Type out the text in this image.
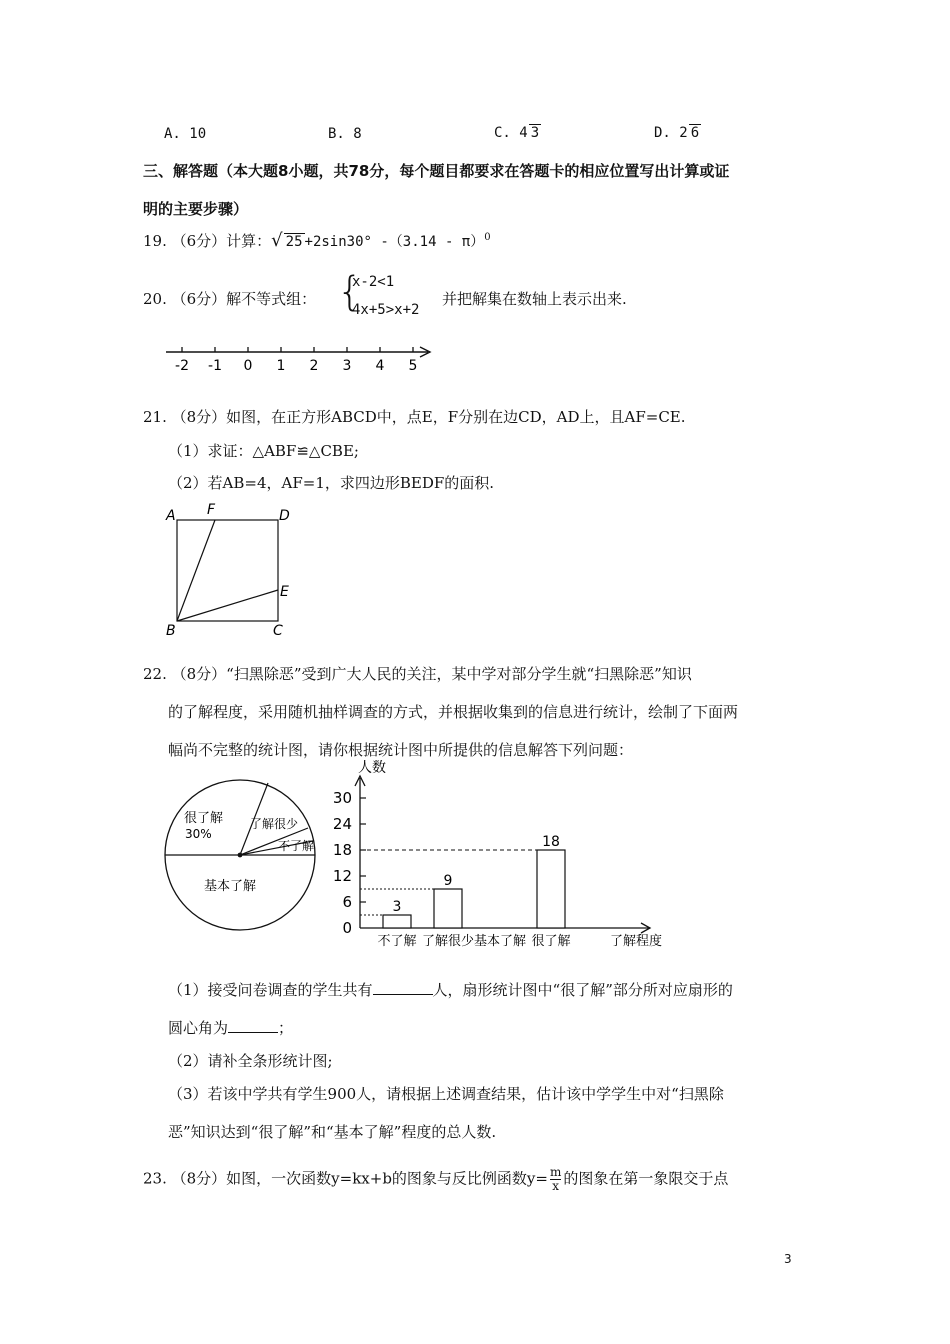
A. 10	B. 8	C. 4 3	D. 2 6
三、解答题（本大题8小题，共78分，每个题目都要求在答题卡的相应位置写出计算或证
明的主要步骤）
19. （6分）计算：√ 25 +2sin30° -（3.14 - π）$^0$
20. （6分）解不等式组： {
x-2<1
4x+5>x+2
并把解集在数轴上表示出来.
-2 -1 0 1 2 3 4 5
21. （8分）如图，在正方形ABCD中，点E，F分别在边CD，AD上，且AF=CE.
（1）求证：△ABF≌△CBE;
（2）若AB=4，AF=1，求四边形BEDF的面积.
A F	D
E
B	C
22. （8分）“扫黑除恶”受到广大人民的关注，某中学对部分学生就“扫黑除恶”知识
的了解程度，采用随机抽样调查的方式，并根据收集到的信息进行统计，绘制了下面两
幅尚不完整的统计图，请你根据统计图中所提供的信息解答下列问题：
很了解
30%
了解很少
不了解
基本了解
人数
0
6
12
18
24
30
不了解 了解很少 基本了解 很了解	了解程度
3
9
18
（1）接受问卷调查的学生共有	人，扇形统计图中“很了解”部分所对应扇形的
圆心角为	；
（2）请补全条形统计图;
（3）若该中学共有学生900人，请根据上述调查结果，估计该中学学生中对“扫黑除
恶”知识达到“很了解”和“基本了解”程度的总人数.
23. （8分）如图，一次函数y=kx+b的图象与反比例函数$y= \frac{m}{x}$ 的图象在第一象限交于点
3
